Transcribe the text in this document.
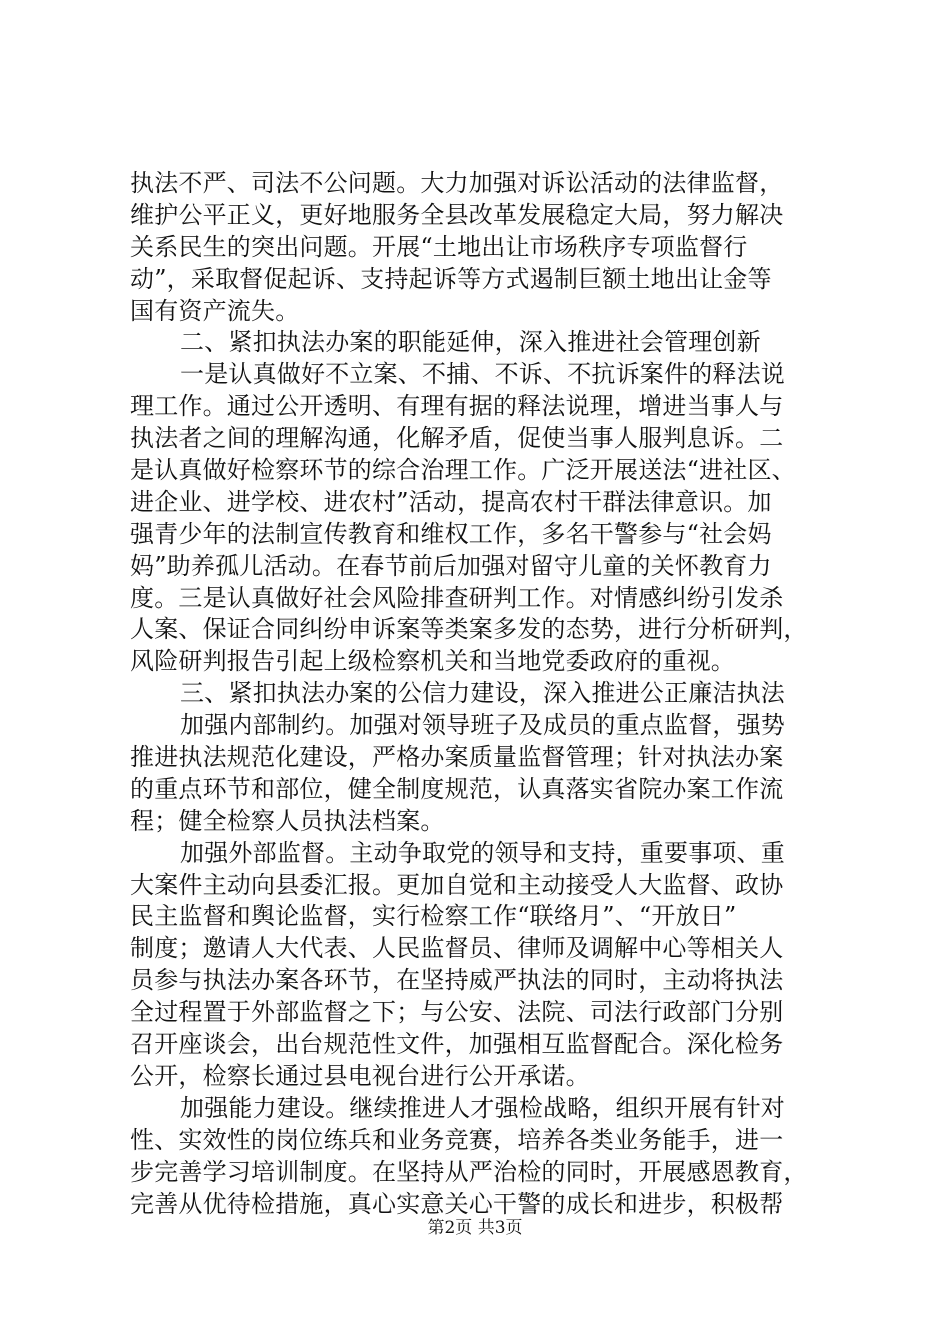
执法不严、司法不公问题。大力加强对诉讼活动的法律监督，
维护公平正义，更好地服务全县改革发展稳定大局，努力解决
关系民生的突出问题。开展“土地出让市场秩序专项监督行
动”，采取督促起诉、支持起诉等方式遏制巨额土地出让金等
国有资产流失。
二、紧扣执法办案的职能延伸，深入推进社会管理创新
一是认真做好不立案、不捕、不诉、不抗诉案件的释法说
理工作。通过公开透明、有理有据的释法说理，增进当事人与
执法者之间的理解沟通，化解矛盾，促使当事人服判息诉。二
是认真做好检察环节的综合治理工作。广泛开展送法“进社区、
进企业、进学校、进农村”活动，提高农村干群法律意识。加
强青少年的法制宣传教育和维权工作，多名干警参与“社会妈
妈”助养孤儿活动。在春节前后加强对留守儿童的关怀教育力
度。三是认真做好社会风险排查研判工作。对情感纠纷引发杀
人案、保证合同纠纷申诉案等类案多发的态势，进行分析研判，
风险研判报告引起上级检察机关和当地党委政府的重视。
三、紧扣执法办案的公信力建设，深入推进公正廉洁执法
加强内部制约。加强对领导班子及成员的重点监督，强势
推进执法规范化建设，严格办案质量监督管理；针对执法办案
的重点环节和部位，健全制度规范，认真落实省院办案工作流
程；健全检察人员执法档案。
加强外部监督。主动争取党的领导和支持，重要事项、重
大案件主动向县委汇报。更加自觉和主动接受人大监督、政协
民主监督和舆论监督，实行检察工作“联络月”、“开放日”
制度；邀请人大代表、人民监督员、律师及调解中心等相关人
员参与执法办案各环节，在坚持威严执法的同时，主动将执法
全过程置于外部监督之下；与公安、法院、司法行政部门分别
召开座谈会，出台规范性文件，加强相互监督配合。深化检务
公开，检察长通过县电视台进行公开承诺。
加强能力建设。继续推进人才强检战略，组织开展有针对
性、实效性的岗位练兵和业务竞赛，培养各类业务能手，进一
步完善学习培训制度。在坚持从严治检的同时，开展感恩教育，
完善从优待检措施，真心实意关心干警的成长和进步，积极帮
第2页 共3页
